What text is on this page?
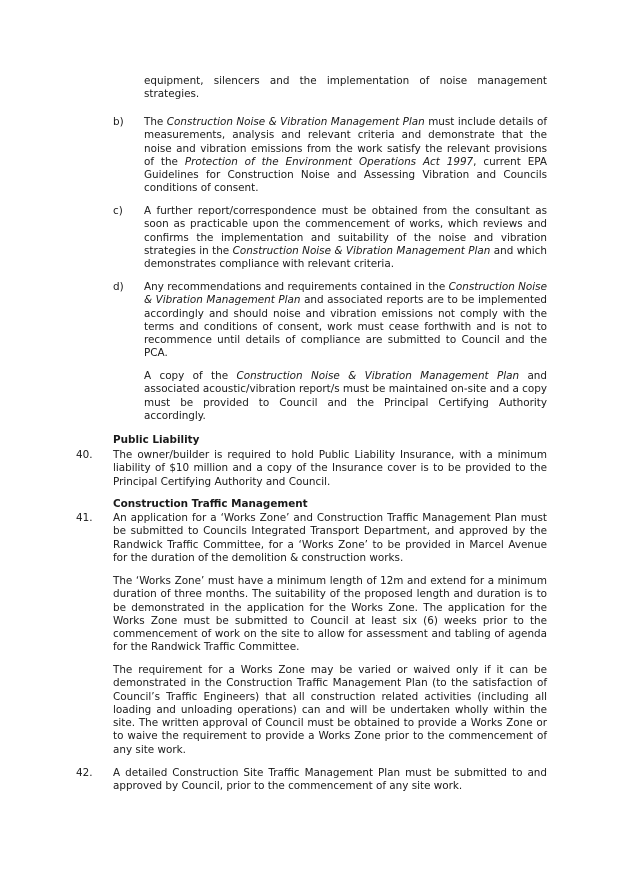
equipment, silencers and the implementation of noise management strategies.
b) The Construction Noise & Vibration Management Plan must include details of measurements, analysis and relevant criteria and demonstrate that the noise and vibration emissions from the work satisfy the relevant provisions of the Protection of the Environment Operations Act 1997, current EPA Guidelines for Construction Noise and Assessing Vibration and Councils conditions of consent.
c) A further report/correspondence must be obtained from the consultant as soon as practicable upon the commencement of works, which reviews and confirms the implementation and suitability of the noise and vibration strategies in the Construction Noise & Vibration Management Plan and which demonstrates compliance with relevant criteria.
d) Any recommendations and requirements contained in the Construction Noise & Vibration Management Plan and associated reports are to be implemented accordingly and should noise and vibration emissions not comply with the terms and conditions of consent, work must cease forthwith and is not to recommence until details of compliance are submitted to Council and the PCA.
A copy of the Construction Noise & Vibration Management Plan and associated acoustic/vibration report/s must be maintained on-site and a copy must be provided to Council and the Principal Certifying Authority accordingly.
Public Liability
40. The owner/builder is required to hold Public Liability Insurance, with a minimum liability of $10 million and a copy of the Insurance cover is to be provided to the Principal Certifying Authority and Council.
Construction Traffic Management
41. An application for a ‘Works Zone’ and Construction Traffic Management Plan must be submitted to Councils Integrated Transport Department, and approved by the Randwick Traffic Committee, for a ‘Works Zone’ to be provided in Marcel Avenue for the duration of the demolition & construction works.
The ‘Works Zone’ must have a minimum length of 12m and extend for a minimum duration of three months. The suitability of the proposed length and duration is to be demonstrated in the application for the Works Zone. The application for the Works Zone must be submitted to Council at least six (6) weeks prior to the commencement of work on the site to allow for assessment and tabling of agenda for the Randwick Traffic Committee.
The requirement for a Works Zone may be varied or waived only if it can be demonstrated in the Construction Traffic Management Plan (to the satisfaction of Council’s Traffic Engineers) that all construction related activities (including all loading and unloading operations) can and will be undertaken wholly within the site. The written approval of Council must be obtained to provide a Works Zone or to waive the requirement to provide a Works Zone prior to the commencement of any site work.
42. A detailed Construction Site Traffic Management Plan must be submitted to and approved by Council, prior to the commencement of any site work.
